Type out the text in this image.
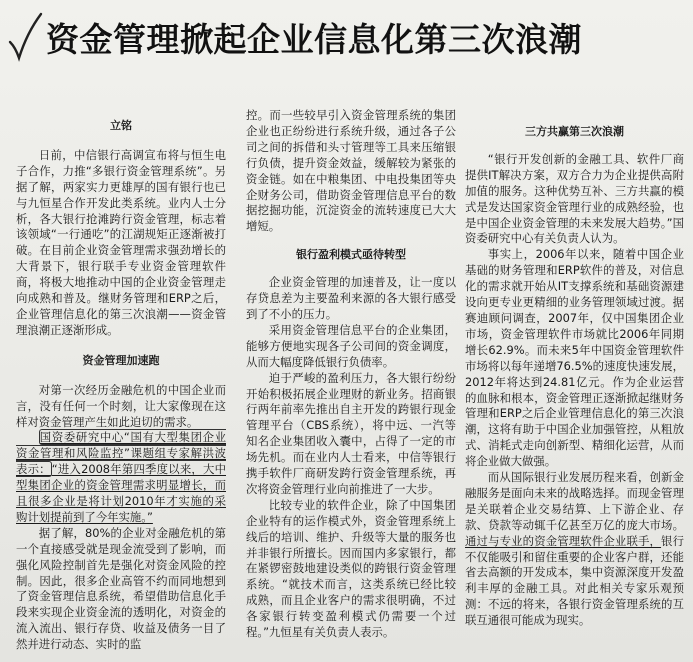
资金管理掀起企业信息化第三次浪潮
立铭

日前，中信银行高调宣布将与恒生电子合作，力推“多银行资金管理系统”。另据了解，两家实力更雄厚的国有银行也已与九恒星合作开发此类系统。业内人士分析，各大银行抢滩跨行资金管理，标志着该领域“一行通吃”的江湖规矩正逐渐被打破。在目前企业资金管理需求强劲增长的大背景下，银行联手专业资金管理软件商，将极大地推动中国的企业资金管理走向成熟和普及。继财务管理和ERP之后，企业管理信息化的第三次浪潮——资金管理浪潮正逐渐形成。

资金管理加速跑

对第一次经历金融危机的中国企业而言，没有任何一个时刻，让大家像现在这样对资金管理产生如此迫切的需求。

国资委研究中心“国有大型集团企业资金管理和风险监控”课题组专家解洪波表示：“进入2008年第四季度以来，大中型集团企业的资金管理需求明显增长，而且很多企业是将计划2010年才实施的采购计划提前到了今年实施。”

据了解，80%的企业对金融危机的第一个直接感受就是现金流受到了影响，而强化风险控制首先是强化对资金风险的控制。因此，很多企业高管不约而同地想到了资金管理信息系统，希望借助信息化手段来实现企业资金流的透明化，对资金的流入流出、银行存贷、收益及债务一目了然并进行动态、实时的监

控。而一些较早引入资金管理系统的集团企业也正纷纷进行系统升级，通过各子公司之间的拆借和头寸管理等工具来压缩银行负债，提升资金效益，缓解较为紧张的资金链。如在中粮集团、中电投集团等央企财务公司，借助资金管理信息平台的数据挖掘功能，沉淀资金的流转速度已大大增短。

银行盈利模式亟待转型

企业资金管理的加速普及，让一度以存贷息差为主要盈利来源的各大银行感受到了不小的压力。

采用资金管理信息平台的企业集团，能够方便地实现各子公司间的资金调度，从而大幅度降低银行负债率。

迫于严峻的盈利压力，各大银行纷纷开始积极拓展企业理财的新业务。招商银行两年前率先推出自主开发的跨银行现金管理平台（CBS系统），将中远、一汽等知名企业集团收入囊中，占得了一定的市场先机。而在业内人士看来，中信等银行携手软件厂商研发跨行资金管理系统，再次将资金管理行业向前推进了一大步。

比较专业的软件企业，除了中国集团企业特有的运作模式外，资金管理系统上线后的培训、维护、升级等大量的服务也并非银行所擅长。因而国内多家银行，都在紧锣密鼓地建设类似的跨银行资金管理系统。“就技术而言，这类系统已经比较成熟，而且企业客户的需求很明确，不过各家银行转变盈利模式仍需要一个过程。”九恒星有关负责人表示。

三方共赢第三次浪潮

“银行开发创新的金融工具、软件厂商提供IT解决方案，双方合力为企业提供高附加值的服务。这种优势互补、三方共赢的模式是发达国家资金管理行业的成熟经验，也是中国企业资金管理的未来发展大趋势。”国资委研究中心有关负责人认为。

事实上，2006年以来，随着中国企业基础的财务管理和ERP软件的普及，对信息化的需求就开始从IT支撑系统和基础资源建设向更专业更精细的业务管理领域过渡。据赛迪顾问调查，2007年，仅中国集团企业市场，资金管理软件市场就比2006年同期增长62.9%。而未来5年中国资金管理软件市场将以每年递增76.5%的速度快速发展，2012年将达到24.81亿元。作为企业运营的血脉和根本，资金管理正逐渐掀起继财务管理和ERP之后企业管理信息化的第三次浪潮，这将有助于中国企业加强管控，从粗放式、消耗式走向创新型、精细化运营，从而将企业做大做强。

而从国际银行业发展历程来看，创新金融服务是面向未来的战略选择。而现金管理是关联着企业交易结算、上下游企业、存款、贷款等动辄千亿甚至万亿的庞大市场。通过与专业的资金管理软件企业联手，银行不仅能吸引和留住重要的企业客户群，还能省去高额的开发成本，集中资源深度开发盈利丰厚的金融工具。对此相关专家乐观预测：不远的将来，各银行资金管理系统的互联互通很可能成为现实。
